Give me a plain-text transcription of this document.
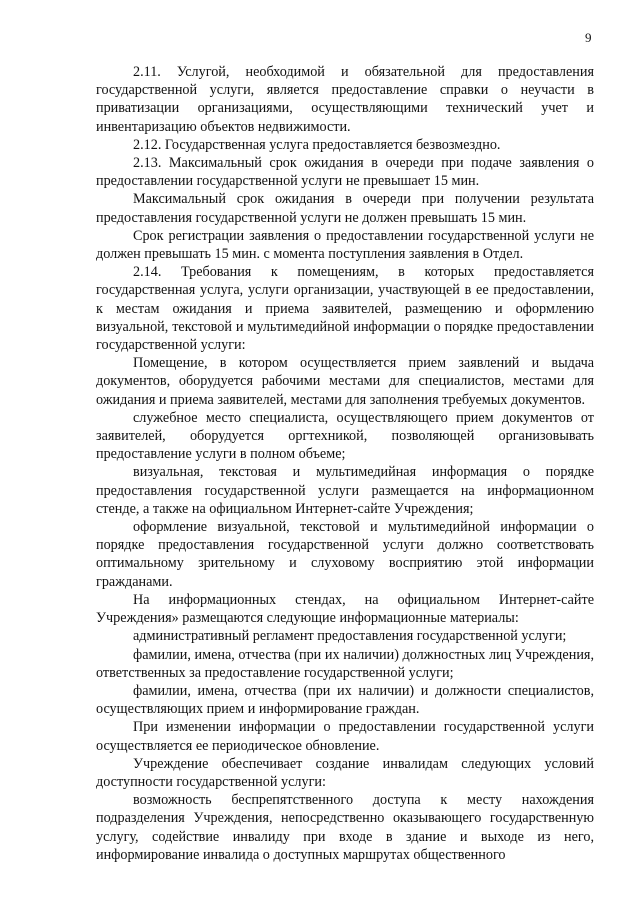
9

2.11. Услугой, необходимой и обязательной для предоставления государственной услуги, является предоставление справки о неучасти в приватизации организациями, осуществляющими технический учет и инвентаризацию объектов недвижимости.

2.12. Государственная услуга предоставляется безвозмездно.

2.13. Максимальный срок ожидания в очереди при подаче заявления о предоставлении государственной услуги не превышает 15 мин.

Максимальный срок ожидания в очереди при получении результата предоставления государственной услуги не должен превышать 15 мин.

Срок регистрации заявления о предоставлении государственной услуги не должен превышать 15 мин. с момента поступления заявления в Отдел.

2.14. Требования к помещениям, в которых предоставляется государственная услуга, услуги организации, участвующей в ее предоставлении, к местам ожидания и приема заявителей, размещению и оформлению визуальной, текстовой и мультимедийной информации о порядке предоставлении государственной услуги:

Помещение, в котором осуществляется прием заявлений и выдача документов, оборудуется рабочими местами для специалистов, местами для ожидания и приема заявителей, местами для заполнения требуемых документов.

служебное место специалиста, осуществляющего прием документов от заявителей, оборудуется оргтехникой, позволяющей организовывать предоставление услуги в полном объеме;

визуальная, текстовая и мультимедийная информация о порядке предоставления государственной услуги размещается на информационном стенде, а также на официальном Интернет-сайте Учреждения;

оформление визуальной, текстовой и мультимедийной информации о порядке предоставления государственной услуги должно соответствовать оптимальному зрительному и слуховому восприятию этой информации гражданами.

На информационных стендах, на официальном Интернет-сайте Учреждения» размещаются следующие информационные материалы:

административный регламент предоставления государственной услуги;

фамилии, имена, отчества (при их наличии) должностных лиц Учреждения, ответственных за предоставление государственной услуги;

фамилии, имена, отчества (при их наличии) и должности специалистов, осуществляющих прием и информирование граждан.

При изменении информации о предоставлении государственной услуги осуществляется ее периодическое обновление.

Учреждение обеспечивает создание инвалидам следующих условий доступности государственной услуги:

возможность беспрепятственного доступа к месту нахождения подразделения Учреждения, непосредственно оказывающего государственную услугу, содействие инвалиду при входе в здание и выходе из него, информирование инвалида о доступных маршрутах общественного
